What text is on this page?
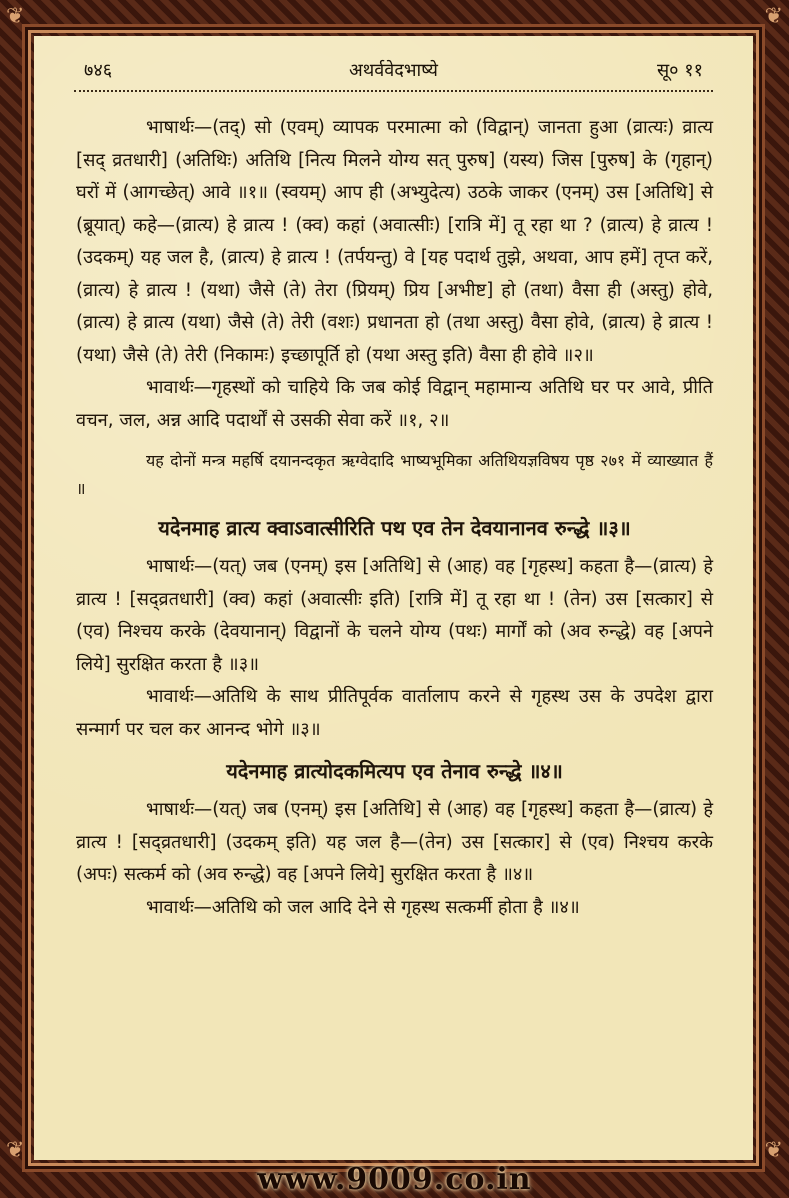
❦	❦
❦	❦
७४६	अथर्ववेदभाष्ये	सू० ११

भाषार्थः—(तद्) सो (एवम्) व्यापक परमात्मा को (विद्वान्) जानता हुआ (व्रात्यः) व्रात्य [सद् व्रतधारी] (अतिथिः) अतिथि [नित्य मिलने योग्य सत् पुरुष] (यस्य) जिस [पुरुष] के (गृहान्) घरों में (आगच्छेत्) आवे ॥१॥ (स्वयम्) आप ही (अभ्युदेत्य) उठके जाकर (एनम्) उस [अतिथि] से (ब्रूयात्) कहे—(व्रात्य) हे व्रात्य ! (क्व) कहां (अवात्सीः) [रात्रि में] तू रहा था ? (व्रात्य) हे व्रात्य ! (उदकम्) यह जल है, (व्रात्य) हे व्रात्य ! (तर्पयन्तु) वे [यह पदार्थ तुझे, अथवा, आप हमें] तृप्त करें, (व्रात्य) हे व्रात्य ! (यथा) जैसे (ते) तेरा (प्रियम्) प्रिय [अभीष्ट] हो (तथा) वैसा ही (अस्तु) होवे, (व्रात्य) हे व्रात्य (यथा) जैसे (ते) तेरी (वशः) प्रधानता हो (तथा अस्तु) वैसा होवे, (व्रात्य) हे व्रात्य ! (यथा) जैसे (ते) तेरी (निकामः) इच्छापूर्ति हो (यथा अस्तु इति) वैसा ही होवे ॥२॥

भावार्थः—गृहस्थों को चाहिये कि जब कोई विद्वान् महामान्य अतिथि घर पर आवे, प्रीति वचन, जल, अन्न आदि पदार्थों से उसकी सेवा करें ॥१, २॥

यह दोनों मन्त्र महर्षि दयानन्दकृत ऋग्वेदादि भाष्यभूमिका अतिथियज्ञविषय पृष्ठ २७१ में व्याख्यात हैं ॥

यदेनमाह व्रात्य क्वाऽवात्सीरिति पथ एव तेन देवयानानव रुन्द्धे ॥३॥

भाषार्थः—(यत्) जब (एनम्) इस [अतिथि] से (आह) वह [गृहस्थ] कहता है—(व्रात्य) हे व्रात्य ! [सद्व्रतधारी] (क्व) कहां (अवात्सीः इति) [रात्रि में] तू रहा था ! (तेन) उस [सत्कार] से (एव) निश्चय करके (देवयानान्) विद्वानों के चलने योग्य (पथः) मार्गों को (अव रुन्द्धे) वह [अपने लिये] सुरक्षित करता है ॥३॥

भावार्थः—अतिथि के साथ प्रीतिपूर्वक वार्तालाप करने से गृहस्थ उस के उपदेश द्वारा सन्मार्ग पर चल कर आनन्द भोगे ॥३॥

यदेनमाह व्रात्योदकमित्यप एव तेनाव रुन्द्धे ॥४॥

भाषार्थः—(यत्) जब (एनम्) इस [अतिथि] से (आह) वह [गृहस्थ] कहता है—(व्रात्य) हे व्रात्य ! [सद्व्रतधारी] (उदकम् इति) यह जल है—(तेन) उस [सत्कार] से (एव) निश्चय करके (अपः) सत्कर्म को (अव रुन्द्धे) वह [अपने लिये] सुरक्षित करता है ॥४॥

भावार्थः—अतिथि को जल आदि देने से गृहस्थ सत्कर्मी होता है ॥४॥

www.9009.co.in
